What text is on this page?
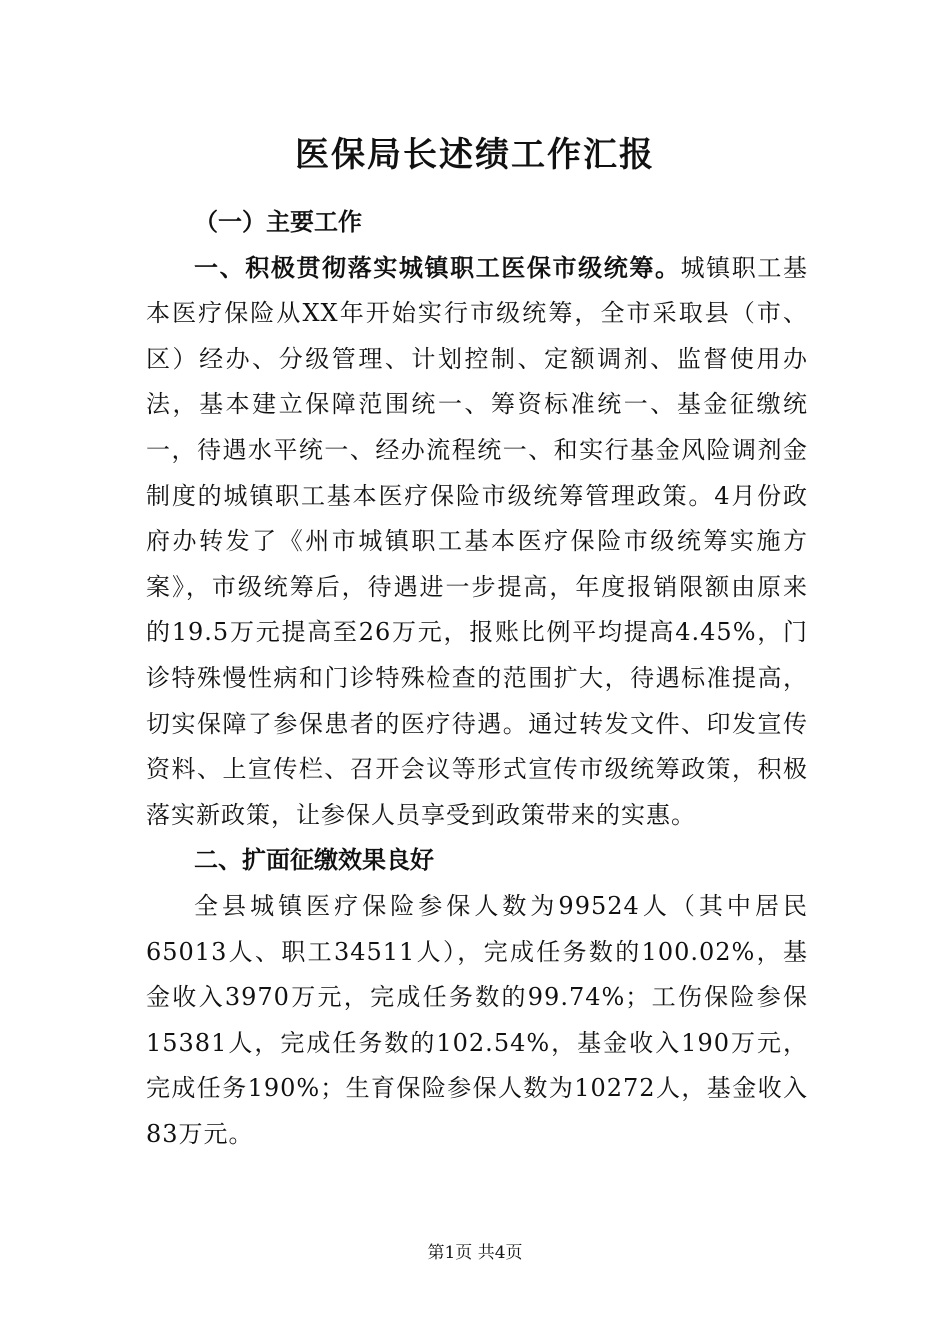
医保局长述绩工作汇报

（一）主要工作

一、积极贯彻落实城镇职工医保市级统筹。城镇职工基本医疗保险从XX年开始实行市级统筹，全市采取县（市、区）经办、分级管理、计划控制、定额调剂、监督使用办法，基本建立保障范围统一、筹资标准统一、基金征缴统一，待遇水平统一、经办流程统一、和实行基金风险调剂金制度的城镇职工基本医疗保险市级统筹管理政策。4月份政府办转发了《州市城镇职工基本医疗保险市级统筹实施方案》，市级统筹后，待遇进一步提高，年度报销限额由原来的19.5万元提高至26万元，报账比例平均提高4.45%，门诊特殊慢性病和门诊特殊检查的范围扩大，待遇标准提高，切实保障了参保患者的医疗待遇。通过转发文件、印发宣传资料、上宣传栏、召开会议等形式宣传市级统筹政策，积极落实新政策，让参保人员享受到政策带来的实惠。

二、扩面征缴效果良好

全县城镇医疗保险参保人数为99524人（其中居民65013人、职工34511人），完成任务数的100.02%，基金收入3970万元，完成任务数的99.74%；工伤保险参保15381人，完成任务数的102.54%，基金收入190万元，完成任务190%；生育保险参保人数为10272人，基金收入83万元。

第1页 共4页
